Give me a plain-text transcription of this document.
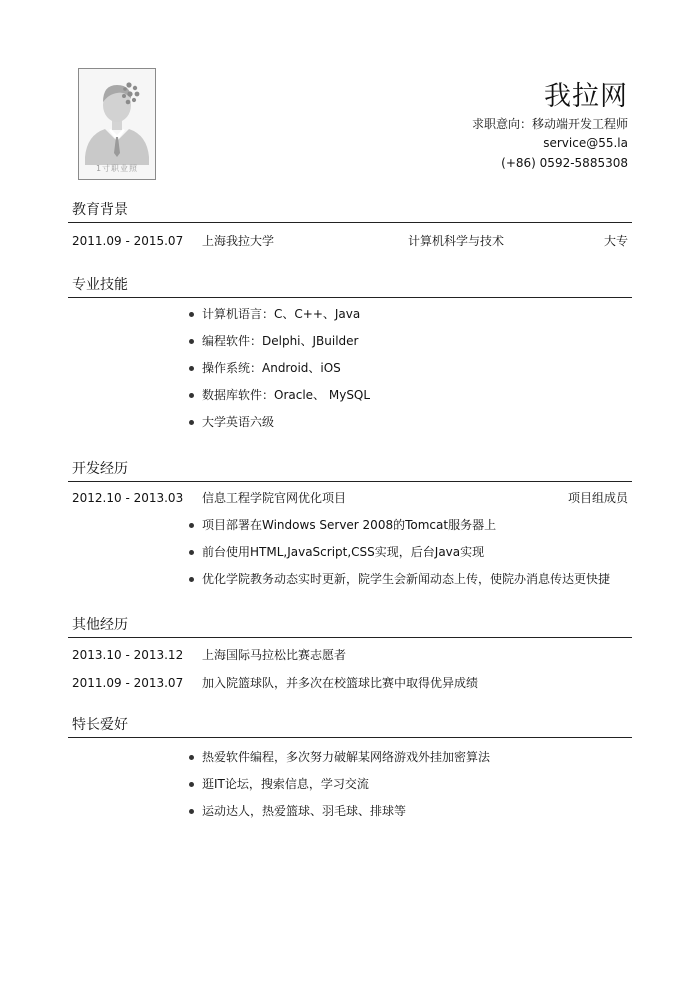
1寸职业照
我拉网
求职意向：移动端开发工程师
service@55.la
(+86) 0592-5885308
教育背景
2011.09 - 2015.07 上海我拉大学	计算机科学与技术	大专
专业技能
计算机语言：C、C++、Java
编程软件：Delphi、JBuilder
操作系统：Android、iOS
数据库软件：Oracle、 MySQL
大学英语六级
开发经历
2012.10 - 2013.03 信息工程学院官网优化项目	项目组成员
项目部署在Windows Server 2008的Tomcat服务器上
前台使用HTML,JavaScript,CSS实现，后台Java实现
优化学院教务动态实时更新，院学生会新闻动态上传，使院办消息传达更快捷
其他经历
2013.10 - 2013.12 上海国际马拉松比赛志愿者
2011.09 - 2013.07 加入院篮球队，并多次在校篮球比赛中取得优异成绩
特长爱好
热爱软件编程，多次努力破解某网络游戏外挂加密算法
逛IT论坛，搜索信息，学习交流
运动达人，热爱篮球、羽毛球、排球等
